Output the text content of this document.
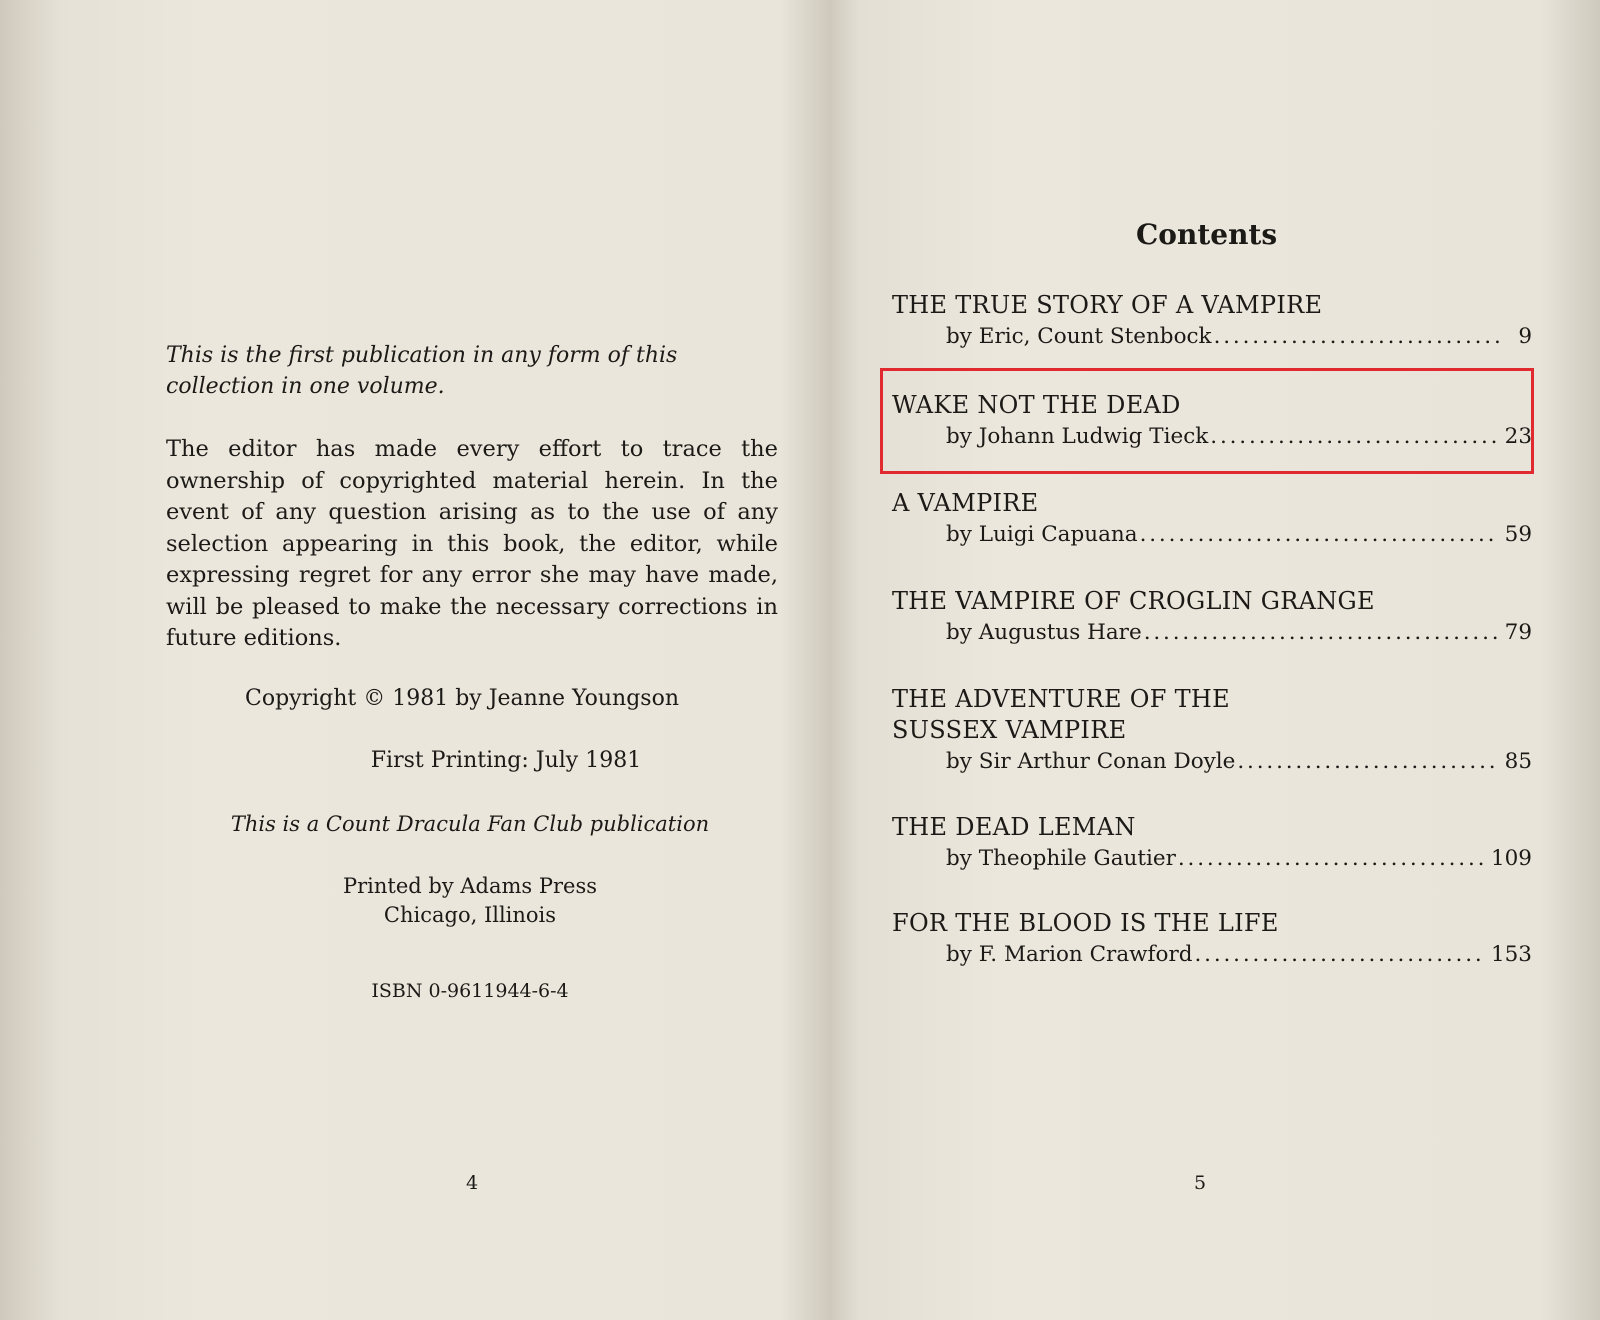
This is the first publication in any form of this collection in one volume.
The editor has made every effort to trace the ownership of copyrighted material herein. In the event of any question arising as to the use of any selection appearing in this book, the editor, while expressing regret for any error she may have made, will be pleased to make the necessary corrections in future editions.
Copyright © 1981 by Jeanne Youngson
First Printing: July 1981
This is a Count Dracula Fan Club publication
Printed by Adams Press
Chicago, Illinois
ISBN 0-9611944-6-4
4
Contents
THE TRUE STORY OF A VAMPIRE
by Eric, Count Stenbock . . .	9
WAKE NOT THE DEAD
by Johann Ludwig Tieck . . .	23
A VAMPIRE
by Luigi Capuana . . .	59
THE VAMPIRE OF CROGLIN GRANGE
by Augustus Hare . . .	79
THE ADVENTURE OF THE
SUSSEX VAMPIRE
by Sir Arthur Conan Doyle . . .	85
THE DEAD LEMAN
by Theophile Gautier . . .	109
FOR THE BLOOD IS THE LIFE
by F. Marion Crawford . . .	153
5
